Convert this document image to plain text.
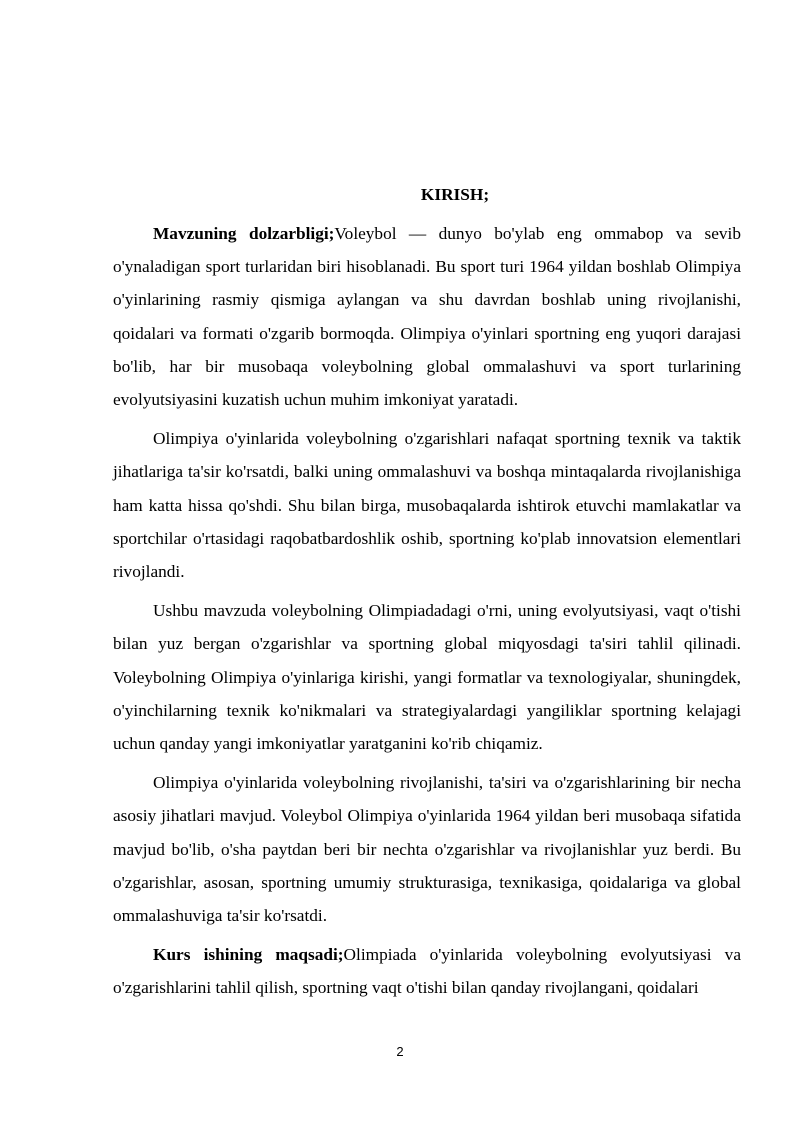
KIRISH;

Mavzuning dolzarbligi;Voleybol — dunyo bo'ylab eng ommabop va sevib o'ynaladigan sport turlaridan biri hisoblanadi. Bu sport turi 1964 yildan boshlab Olimpiya o'yinlarining rasmiy qismiga aylangan va shu davrdan boshlab uning rivojlanishi, qoidalari va formati o'zgarib bormoqda. Olimpiya o'yinlari sportning eng yuqori darajasi bo'lib, har bir musobaqa voleybolning global ommalashuvi va sport turlarining evolyutsiyasini kuzatish uchun muhim imkoniyat yaratadi.

Olimpiya o'yinlarida voleybolning o'zgarishlari nafaqat sportning texnik va taktik jihatlariga ta'sir ko'rsatdi, balki uning ommalashuvi va boshqa mintaqalarda rivojlanishiga ham katta hissa qo'shdi. Shu bilan birga, musobaqalarda ishtirok etuvchi mamlakatlar va sportchilar o'rtasidagi raqobatbardoshlik oshib, sportning ko'plab innovatsion elementlari rivojlandi.

Ushbu mavzuda voleybolning Olimpiadadagi o'rni, uning evolyutsiyasi, vaqt o'tishi bilan yuz bergan o'zgarishlar va sportning global miqyosdagi ta'siri tahlil qilinadi. Voleybolning Olimpiya o'yinlariga kirishi, yangi formatlar va texnologiyalar, shuningdek, o'yinchilarning texnik ko'nikmalari va strategiyalardagi yangiliklar sportning kelajagi uchun qanday yangi imkoniyatlar yaratganini ko'rib chiqamiz.

Olimpiya o'yinlarida voleybolning rivojlanishi, ta'siri va o'zgarishlarining bir necha asosiy jihatlari mavjud. Voleybol Olimpiya o'yinlarida 1964 yildan beri musobaqa sifatida mavjud bo'lib, o'sha paytdan beri bir nechta o'zgarishlar va rivojlanishlar yuz berdi. Bu o'zgarishlar, asosan, sportning umumiy strukturasiga, texnikasiga, qoidalariga va global ommalashuviga ta'sir ko'rsatdi.

Kurs ishining maqsadi;Olimpiada o'yinlarida voleybolning evolyutsiyasi va o'zgarishlarini tahlil qilish, sportning vaqt o'tishi bilan qanday rivojlangani, qoidalari

2
